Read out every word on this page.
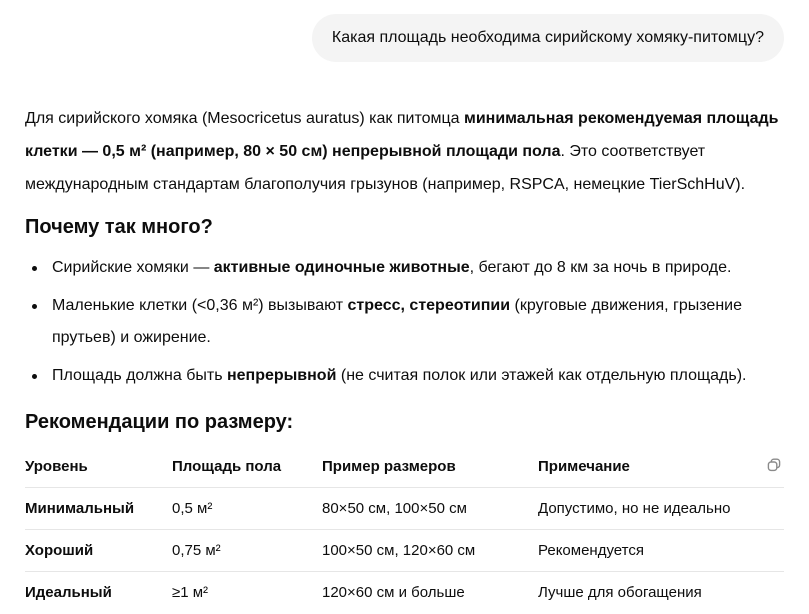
Какая площадь необходима сирийскому хомяку-питомцу?

Для сирийского хомяка (Mesocricetus auratus) как питомца минимальная рекомендуемая площадь клетки — 0,5 м² (например, 80 × 50 см) непрерывной площади пола. Это соответствует международным стандартам благополучия грызунов (например, RSPCA, немецкие TierSchHuV).

Почему так много?
Сирийские хомяки — активные одиночные животные, бегают до 8 км за ночь в природе.
Маленькие клетки (<0,36 м²) вызывают стресс, стереотипии (круговые движения, грызение прутьев) и ожирение.
Площадь должна быть непрерывной (не считая полок или этажей как отдельную площадь).
Рекомендации по размеру:
Уровень	Площадь пола	Пример размеров	Примечание
Минимальный	0,5 м²	80×50 см, 100×50 см	Допустимо, но не идеально
Хороший	0,75 м²	100×50 см, 120×60 см	Рекомендуется
Идеальный	≥1 м²	120×60 см и больше	Лучше для обогащения
